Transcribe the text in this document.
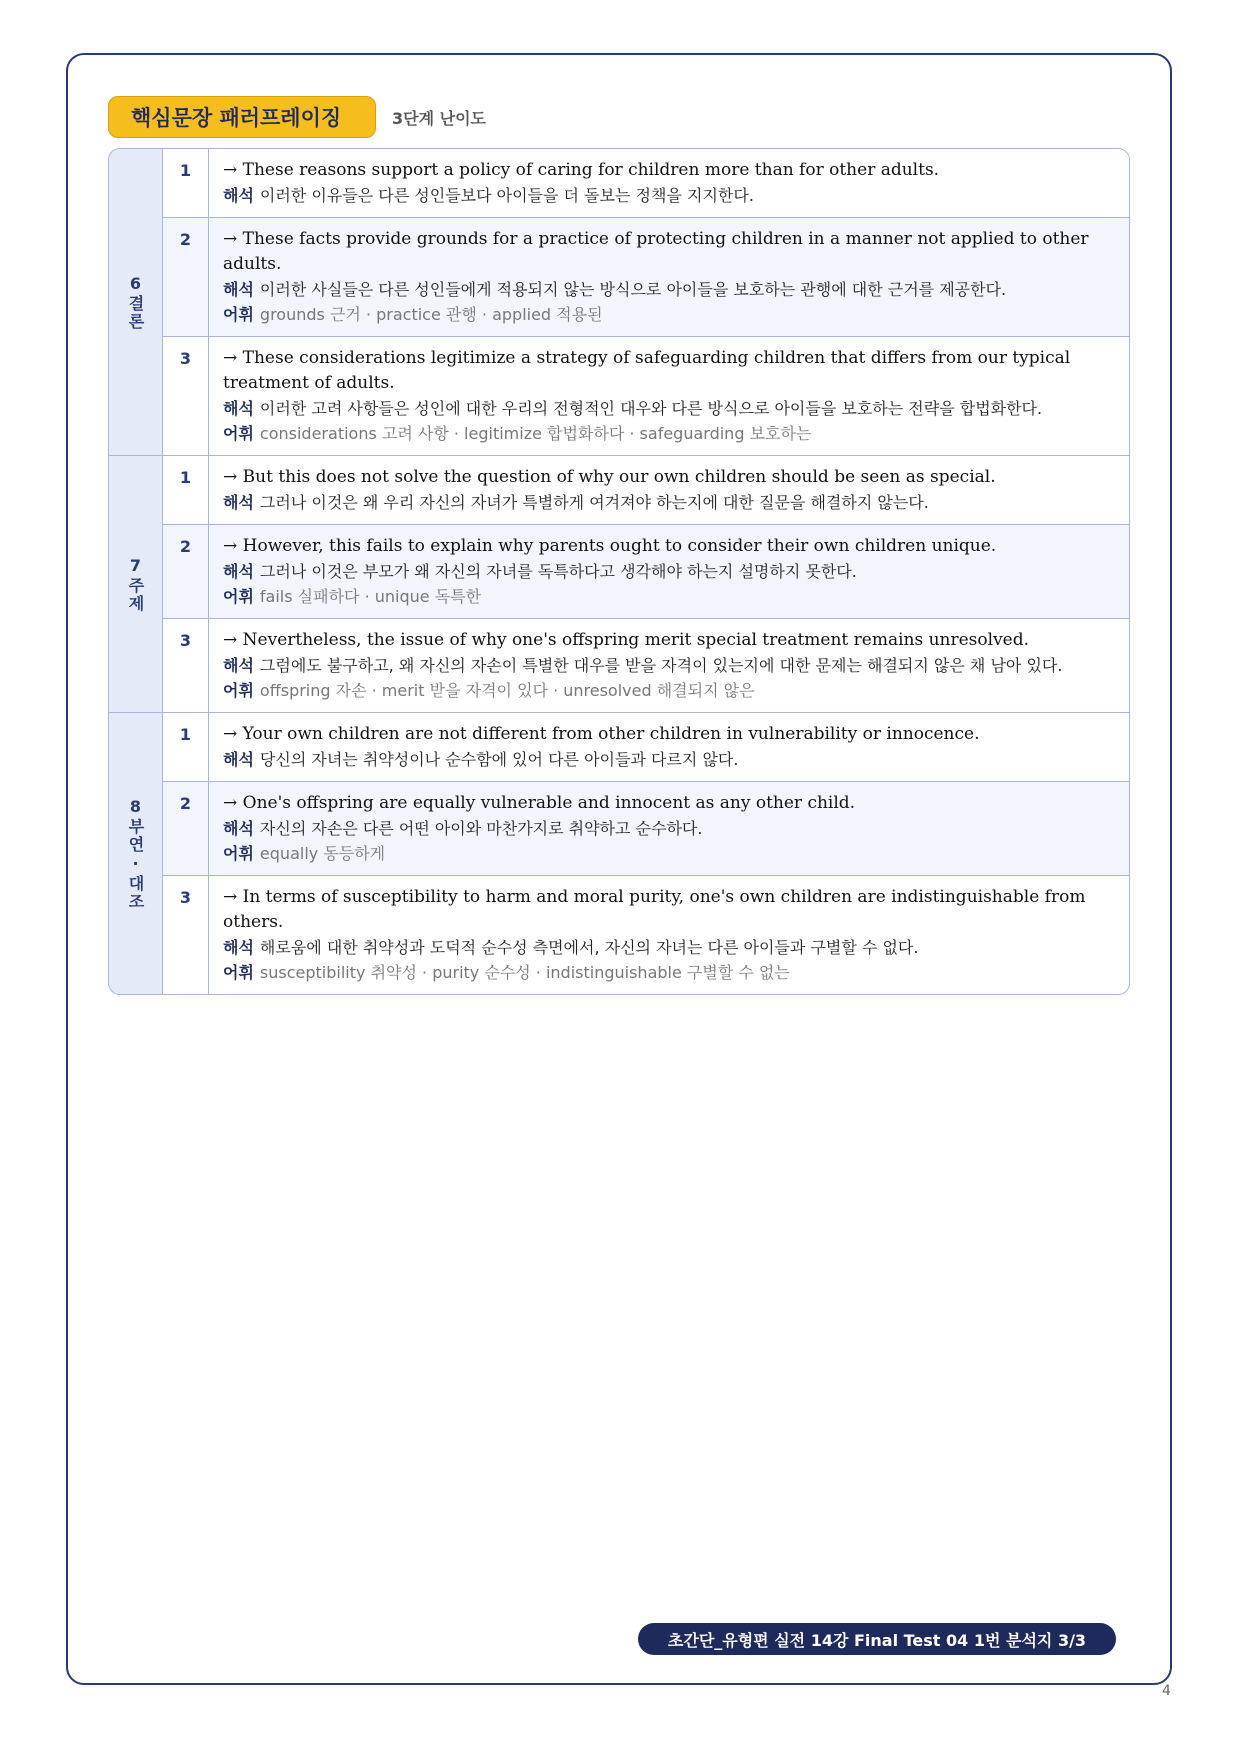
핵심문장 패러프레이징	3단계 난이도
6
결론
1	→ These reasons support a policy of caring for children more than for other adults.
해석 이러한 이유들은 다른 성인들보다 아이들을 더 돌보는 정책을 지지한다.
2	→ These facts provide grounds for a practice of protecting children in a manner not applied to other adults.
해석 이러한 사실들은 다른 성인들에게 적용되지 않는 방식으로 아이들을 보호하는 관행에 대한 근거를 제공한다.
어휘 grounds 근거 · practice 관행 · applied 적용된
3	→ These considerations legitimize a strategy of safeguarding children that differs from our typical treatment of adults.
해석 이러한 고려 사항들은 성인에 대한 우리의 전형적인 대우와 다른 방식으로 아이들을 보호하는 전략을 합법화한다.
어휘 considerations 고려 사항 · legitimize 합법화하다 · safeguarding 보호하는
7
주제
1	→ But this does not solve the question of why our own children should be seen as special.
해석 그러나 이것은 왜 우리 자신의 자녀가 특별하게 여겨져야 하는지에 대한 질문을 해결하지 않는다.
2	→ However, this fails to explain why parents ought to consider their own children unique.
해석 그러나 이것은 부모가 왜 자신의 자녀를 독특하다고 생각해야 하는지 설명하지 못한다.
어휘 fails 실패하다 · unique 독특한
3	→ Nevertheless, the issue of why one's offspring merit special treatment remains unresolved.
해석 그럼에도 불구하고, 왜 자신의 자손이 특별한 대우를 받을 자격이 있는지에 대한 문제는 해결되지 않은 채 남아 있다.
어휘 offspring 자손 · merit 받을 자격이 있다 · unresolved 해결되지 않은
8
부연·대조
1	→ Your own children are not different from other children in vulnerability or innocence.
해석 당신의 자녀는 취약성이나 순수함에 있어 다른 아이들과 다르지 않다.
2	→ One's offspring are equally vulnerable and innocent as any other child.
해석 자신의 자손은 다른 어떤 아이와 마찬가지로 취약하고 순수하다.
어휘 equally 동등하게
3	→ In terms of susceptibility to harm and moral purity, one's own children are indistinguishable from others.
해석 해로움에 대한 취약성과 도덕적 순수성 측면에서, 자신의 자녀는 다른 아이들과 구별할 수 없다.
어휘 susceptibility 취약성 · purity 순수성 · indistinguishable 구별할 수 없는
초간단_유형편 실전 14강 Final Test 04 1번 분석지 3/3
4
